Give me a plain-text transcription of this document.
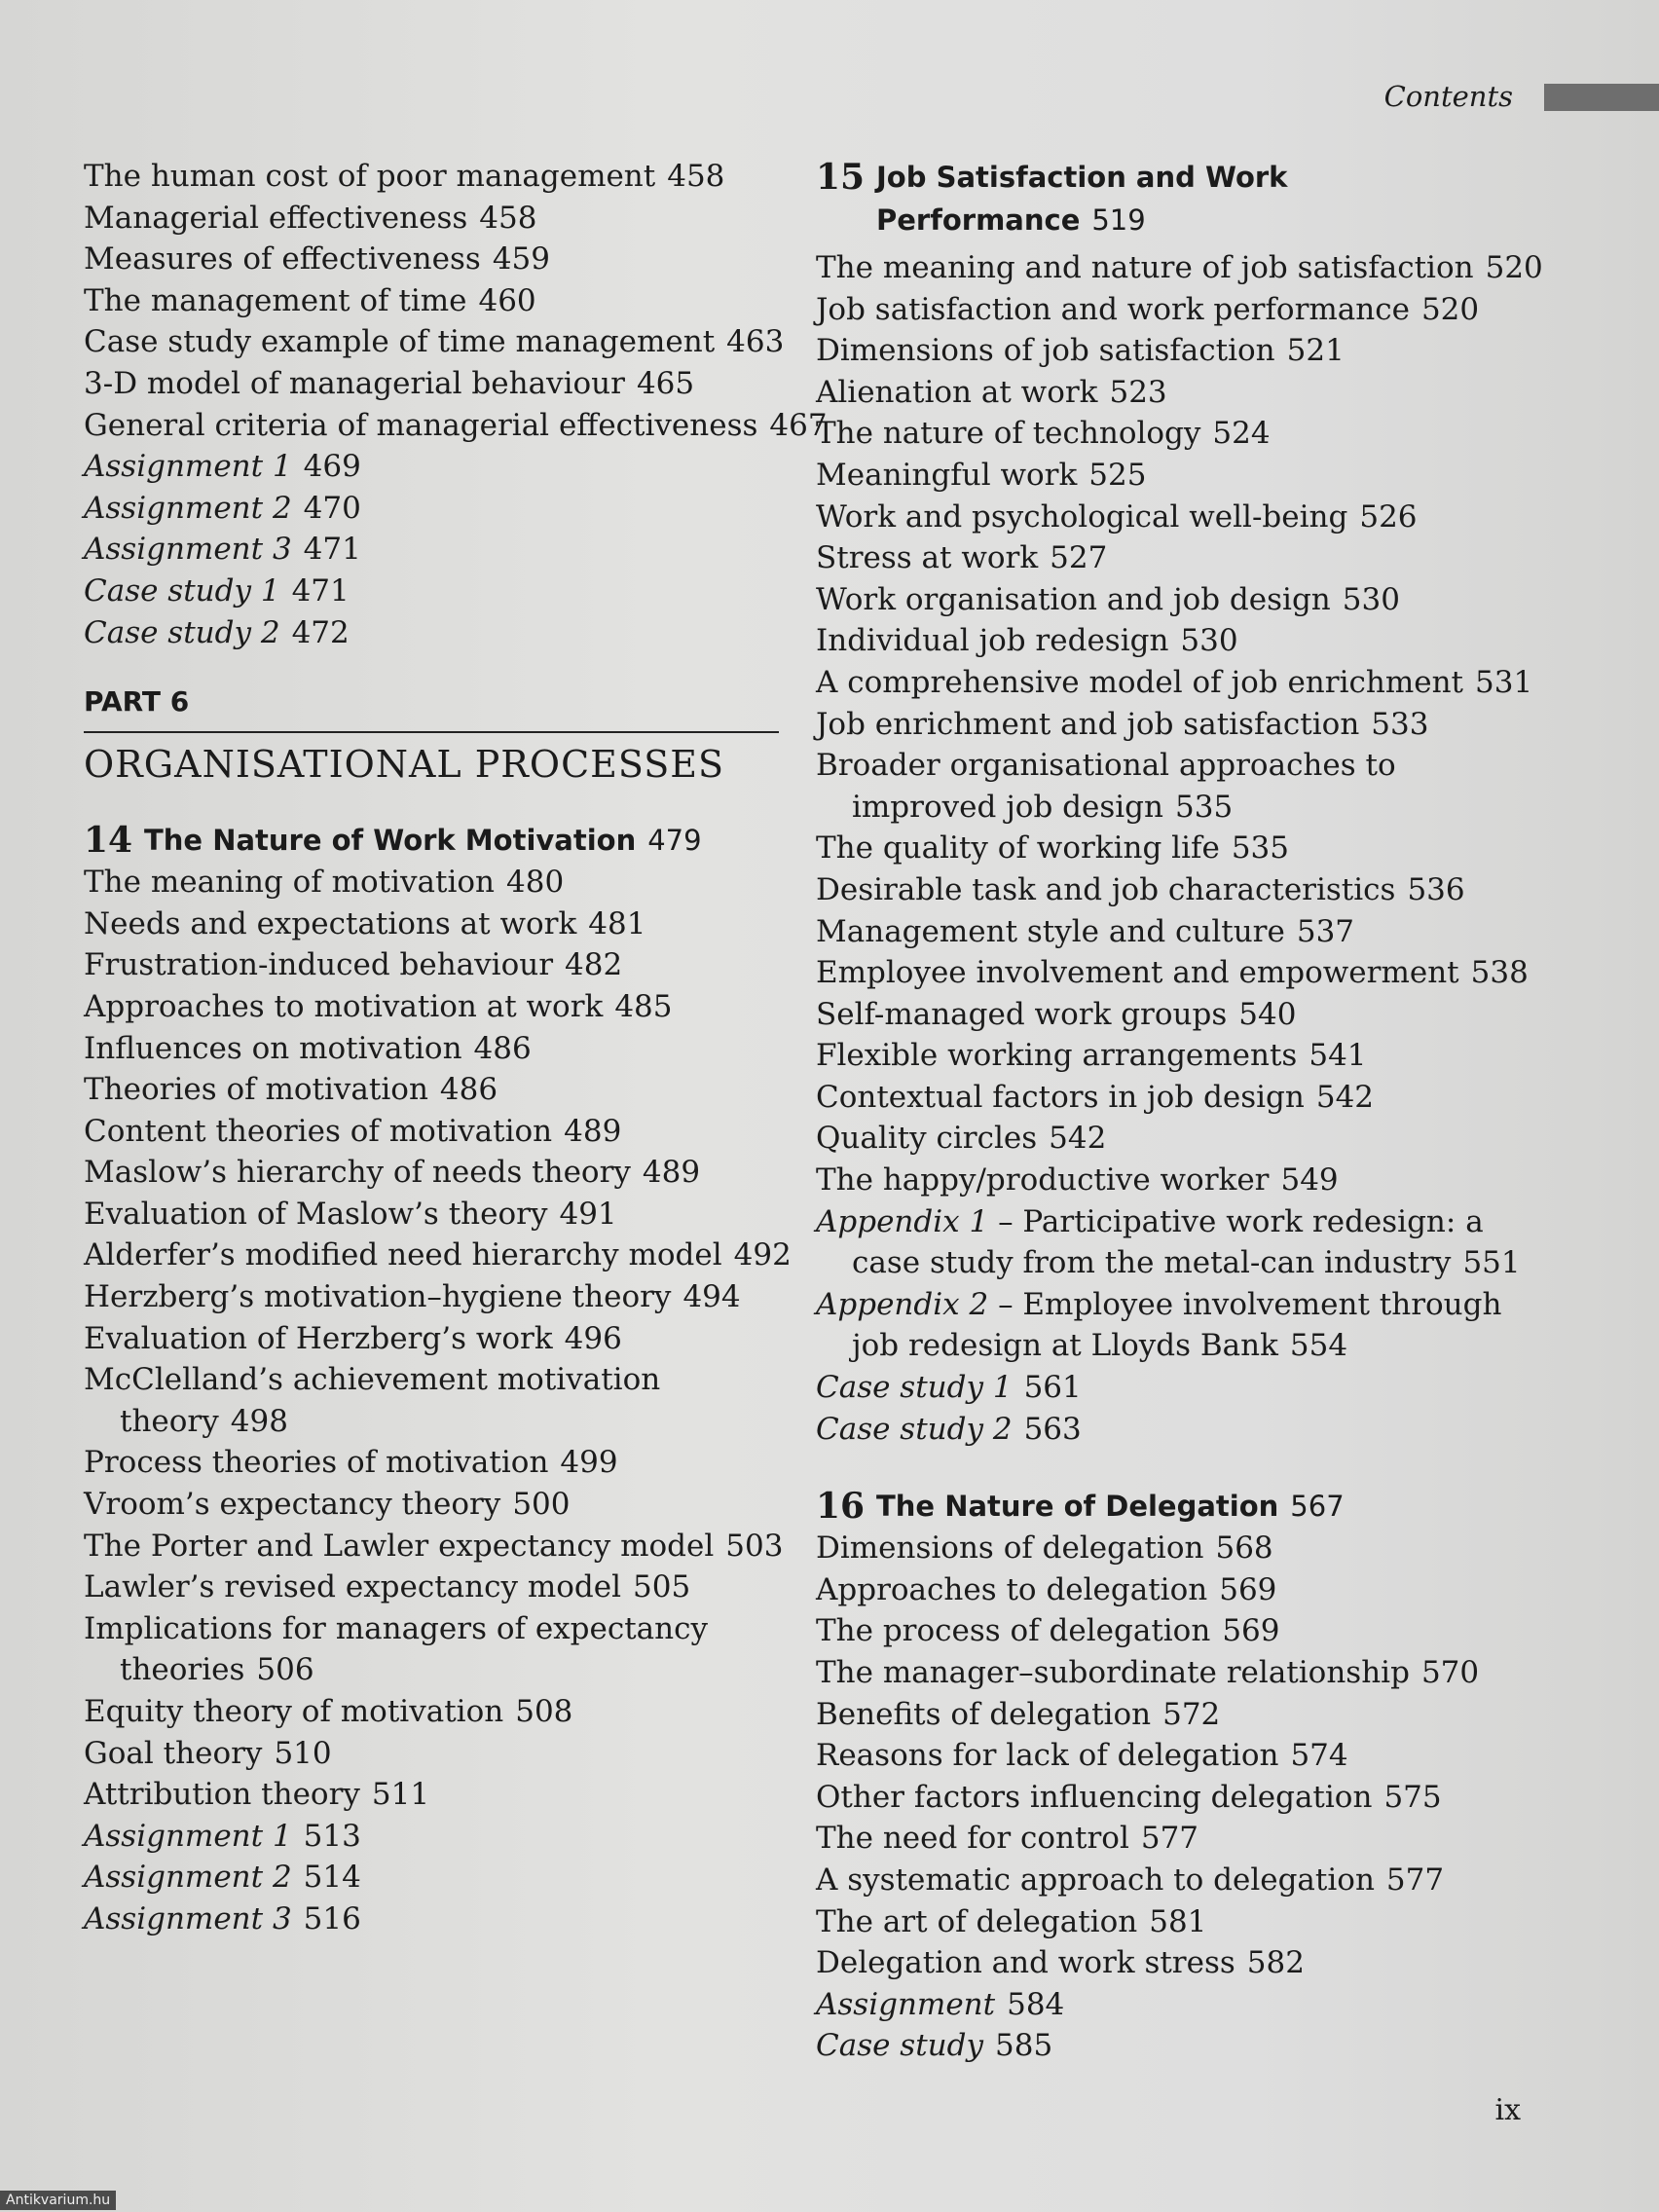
Contents
The human cost of poor management 458
Managerial effectiveness 458
Measures of effectiveness 459
The management of time 460
Case study example of time management 463
3-D model of managerial behaviour 465
General criteria of managerial effectiveness 467
Assignment 1 469
Assignment 2 470
Assignment 3 471
Case study 1 471
Case study 2 472
PART 6
ORGANISATIONAL PROCESSES
14 The Nature of Work Motivation 479
The meaning of motivation 480
Needs and expectations at work 481
Frustration-induced behaviour 482
Approaches to motivation at work 485
Influences on motivation 486
Theories of motivation 486
Content theories of motivation 489
Maslow’s hierarchy of needs theory 489
Evaluation of Maslow’s theory 491
Alderfer’s modified need hierarchy model 492
Herzberg’s motivation–hygiene theory 494
Evaluation of Herzberg’s work 496
McClelland’s achievement motivation theory 498
Process theories of motivation 499
Vroom’s expectancy theory 500
The Porter and Lawler expectancy model 503
Lawler’s revised expectancy model 505
Implications for managers of expectancy theories 506
Equity theory of motivation 508
Goal theory 510
Attribution theory 511
Assignment 1 513
Assignment 2 514
Assignment 3 516
15 Job Satisfaction and Work Performance 519
The meaning and nature of job satisfaction 520
Job satisfaction and work performance 520
Dimensions of job satisfaction 521
Alienation at work 523
The nature of technology 524
Meaningful work 525
Work and psychological well-being 526
Stress at work 527
Work organisation and job design 530
Individual job redesign 530
A comprehensive model of job enrichment 531
Job enrichment and job satisfaction 533
Broader organisational approaches to improved job design 535
The quality of working life 535
Desirable task and job characteristics 536
Management style and culture 537
Employee involvement and empowerment 538
Self-managed work groups 540
Flexible working arrangements 541
Contextual factors in job design 542
Quality circles 542
The happy/productive worker 549
Appendix 1 – Participative work redesign: a case study from the metal-can industry 551
Appendix 2 – Employee involvement through job redesign at Lloyds Bank 554
Case study 1 561
Case study 2 563
16 The Nature of Delegation 567
Dimensions of delegation 568
Approaches to delegation 569
The process of delegation 569
The manager–subordinate relationship 570
Benefits of delegation 572
Reasons for lack of delegation 574
Other factors influencing delegation 575
The need for control 577
A systematic approach to delegation 577
The art of delegation 581
Delegation and work stress 582
Assignment 584
Case study 585
ix
Antikvarium.hu
